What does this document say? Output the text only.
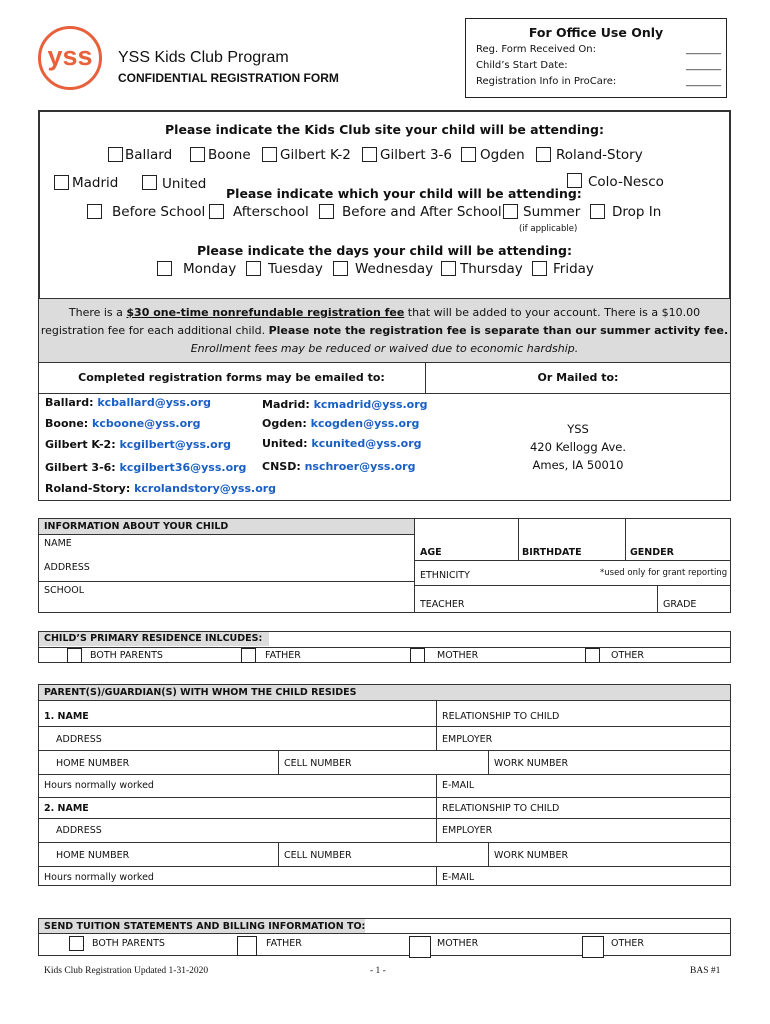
yss	YSS Kids Club Program
CONFIDENTIAL REGISTRATION FORM
For Office Use Only
Reg. Form Received On:	_______
Child’s Start Date:	_______
Registration Info in ProCare:	_______
Please indicate the Kids Club site your child will be attending:
Ballard	Boone Gilbert K-2 Gilbert 3-6 Ogden Roland-Story
Madrid	United	Colo-Nesco
Please indicate which your child will be attending:
Before School Afterschool Before and After School Summer Drop In
(if applicable)
Please indicate the days your child will be attending:
Monday Tuesday Wednesday Thursday Friday
There is a $30 one-time nonrefundable registration fee that will be added to your account. There is a $10.00
registration fee for each additional child. Please note the registration fee is separate than our summer activity fee.
Enrollment fees may be reduced or waived due to economic hardship.
Completed registration forms may be emailed to:	Or Mailed to:
Ballard: kcballard@yss.org
Boone: kcboone@yss.org
Gilbert K-2: kcgilbert@yss.org
Gilbert 3-6: kcgilbert36@yss.org
Roland-Story: kcrolandstory@yss.org
Madrid: kcmadrid@yss.org
Ogden: kcogden@yss.org
United: kcunited@yss.org
CNSD: nschroer@yss.org
YSS
420 Kellogg Ave.
Ames, IA 50010
INFORMATION ABOUT YOUR CHILD
NAME
AGE	BIRTHDATE	GENDER
ADDRESS
ETHNICITY	*used only for grant reporting
SCHOOL
TEACHER	GRADE
CHILD’S PRIMARY RESIDENCE INLCUDES:
BOTH PARENTS	FATHER	MOTHER	OTHER
PARENT(S)/GUARDIAN(S) WITH WHOM THE CHILD RESIDES
1. NAME	RELATIONSHIP TO CHILD
ADDRESS	EMPLOYER
HOME NUMBER	CELL NUMBER	WORK NUMBER
Hours normally worked	E-MAIL
2. NAME	RELATIONSHIP TO CHILD
ADDRESS	EMPLOYER
HOME NUMBER	CELL NUMBER	WORK NUMBER
Hours normally worked	E-MAIL
SEND TUITION STATEMENTS AND BILLING INFORMATION TO:
BOTH PARENTS	FATHER	MOTHER	OTHER
Kids Club Registration Updated 1-31-2020	- 1 -	BAS #1
